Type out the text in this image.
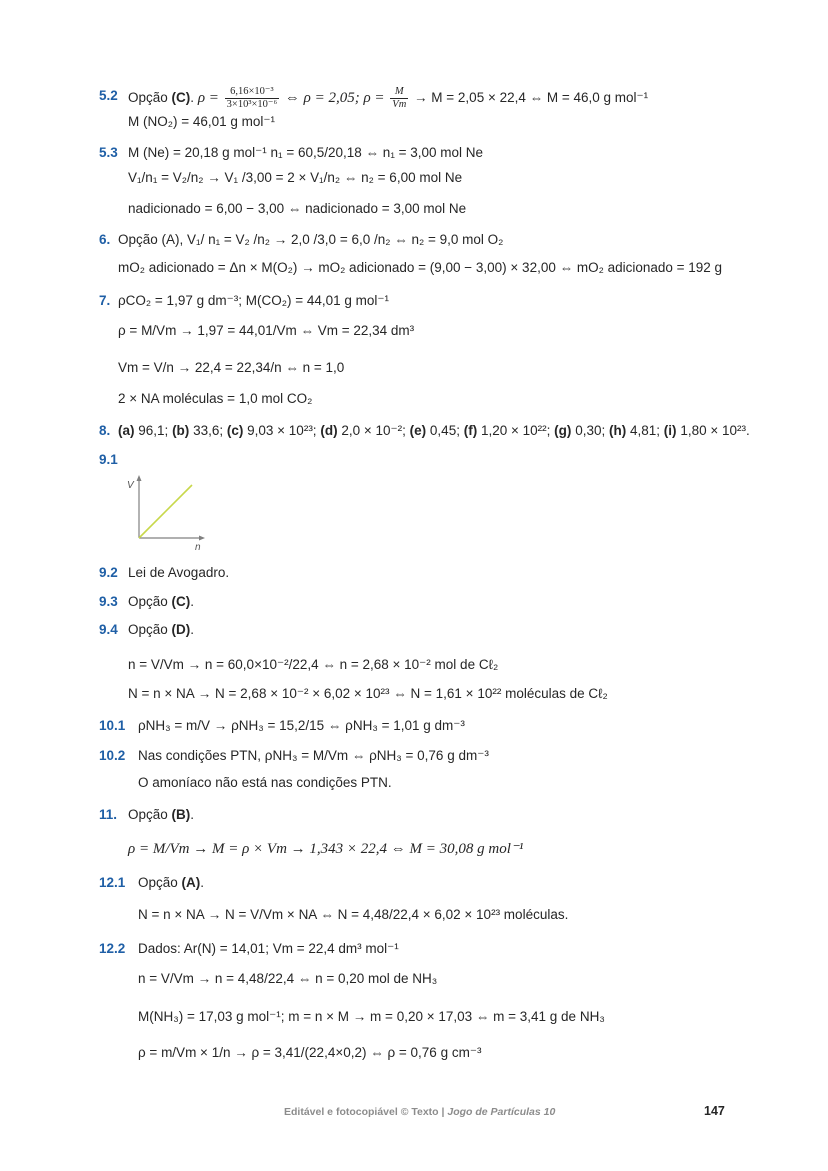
5.2 Opção (C). $\rho = \frac{\text{6,16×10⁻³}}{\text{3×10³×10⁻⁶}}$ ⇔ ρ = 2,05; $\rho = \frac{M}{Vm} \to M = 2,05 \times 22,4$ ⇔ M = 46,0 g mol⁻¹
M (NO₂) = 46,01 g mol⁻¹
5.3 M (Ne) = 20,18 g mol⁻¹ n₁ = 60,5/20,18 ⇔ n₁ = 3,00 mol Ne
V₁/n₁ = V₂/n₂ → V₁ /3,00 = 2 × V₁/n₂ ⇔ n₂ = 6,00 mol Ne
nadicionado = 6,00 − 3,00 ⇔ nadicionado = 3,00 mol Ne
6. Opção (A), V₁/ n₁ = V₂ /n₂ → 2,0 /3,0 = 6,0 /n₂ ⇔ n₂ = 9,0 mol O₂
mO₂ adicionado = Δn × M(O₂) → mO₂ adicionado = (9,00 − 3,00) × 32,00 ⇔ mO₂ adicionado = 192 g
7. ρCO₂ = 1,97 g dm⁻³; M(CO₂) = 44,01 g mol⁻¹
ρ = M/Vm → 1,97 = 44,01/Vm ⇔ Vm = 22,34 dm³
Vm = V/n → 22,4 = 22,34/n ⇔ n = 1,0
2 × NA moléculas = 1,0 mol CO₂
8. (a) 96,1; (b) 33,6; (c) 9,03 × 10²³; (d) 2,0 × 10⁻²; (e) 0,45; (f) 1,20 × 10²²; (g) 0,30; (h) 4,81; (i) 1,80 × 10²³.
9.1
V
n
9.2 Lei de Avogadro.
9.3 Opção (C).
9.4 Opção (D).
n = V/Vm → n = 60,0×10⁻²/22,4 ⇔ n = 2,68 × 10⁻² mol de Cℓ₂
N = n × NA → N = 2,68 × 10⁻² × 6,02 × 10²³ ⇔ N = 1,61 × 10²² moléculas de Cℓ₂
10.1 ρNH₃ = m/V → ρNH₃ = 15,2/15 ⇔ ρNH₃ = 1,01 g dm⁻³
10.2 Nas condições PTN, ρNH₃ = M/Vm ⇔ ρNH₃ = 0,76 g dm⁻³
O amoníaco não está nas condições PTN.
11. Opção (B).
ρ = M/Vm → M = ρ × Vm → 1,343 × 22,4 ⇔ M = 30,08 g mol⁻¹
12.1 Opção (A).
N = n × NA → N = V/Vm × NA ⇔ N = 4,48/22,4 × 6,02 × 10²³ moléculas.
12.2 Dados: Ar(N) = 14,01; Vm = 22,4 dm³ mol⁻¹
n = V/Vm → n = 4,48/22,4 ⇔ n = 0,20 mol de NH₃
M(NH₃) = 17,03 g mol⁻¹; m = n × M → m = 0,20 × 17,03 ⇔ m = 3,41 g de NH₃
ρ = m/Vm × 1/n → ρ = 3,41/(22,4×0,2) ⇔ ρ = 0,76 g cm⁻³
Editável e fotocopiável © Texto | Jogo de Partículas 10	147
